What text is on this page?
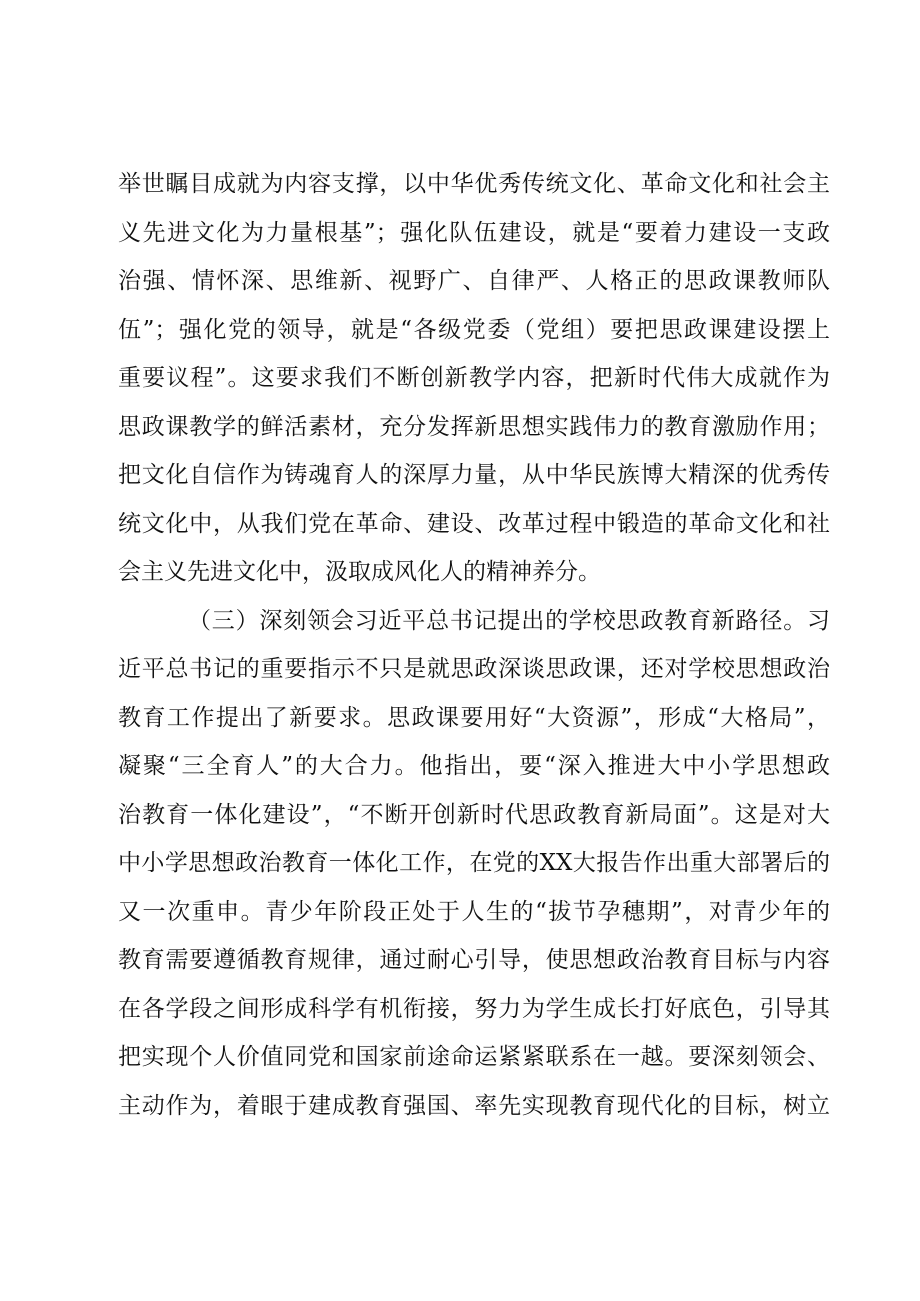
举世瞩目成就为内容支撑，以中华优秀传统文化、革命文化和社会主
义先进文化为力量根基”；强化队伍建设，就是“要着力建设一支政
治强、情怀深、思维新、视野广、自律严、人格正的思政课教师队
伍”；强化党的领导，就是“各级党委（党组）要把思政课建设摆上
重要议程”。这要求我们不断创新教学内容，把新时代伟大成就作为
思政课教学的鲜活素材，充分发挥新思想实践伟力的教育激励作用；
把文化自信作为铸魂育人的深厚力量，从中华民族博大精深的优秀传
统文化中，从我们党在革命、建设、改革过程中锻造的革命文化和社
会主义先进文化中，汲取成风化人的精神养分。
（三）深刻领会习近平总书记提出的学校思政教育新路径。习
近平总书记的重要指示不只是就思政深谈思政课，还对学校思想政治
教育工作提出了新要求。思政课要用好“大资源”，形成“大格局”，
凝聚“三全育人”的大合力。他指出，要“深入推进大中小学思想政
治教育一体化建设”，“不断开创新时代思政教育新局面”。这是对大
中小学思想政治教育一体化工作，在党的XX大报告作出重大部署后的
又一次重申。青少年阶段正处于人生的“拔节孕穗期”，对青少年的
教育需要遵循教育规律，通过耐心引导，使思想政治教育目标与内容
在各学段之间形成科学有机衔接，努力为学生成长打好底色，引导其
把实现个人价值同党和国家前途命运紧紧联系在一越。要深刻领会、
主动作为，着眼于建成教育强国、率先实现教育现代化的目标，树立
